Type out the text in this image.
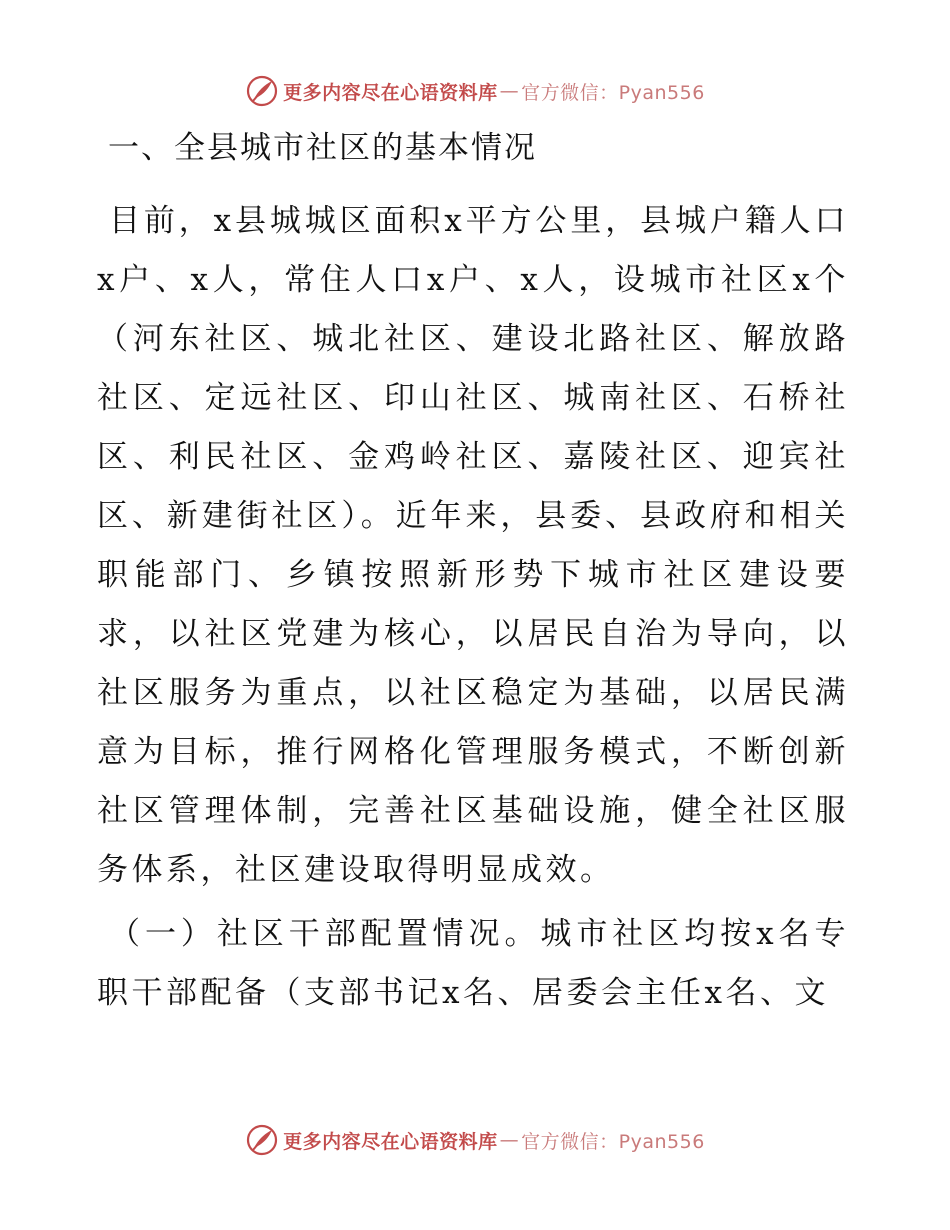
更多内容尽在心语资料库 — 官方微信：Pyan556
一、全县城市社区的基本情况

目前，x县城城区面积x平方公里，县城户籍人口x户、x人，常住人口x户、x人，设城市社区x个（河东社区、城北社区、建设北路社区、解放路社区、定远社区、印山社区、城南社区、石桥社区、利民社区、金鸡岭社区、嘉陵社区、迎宾社区、新建街社区）。近年来，县委、县政府和相关职能部门、乡镇按照新形势下城市社区建设要求，以社区党建为核心，以居民自治为导向，以社区服务为重点，以社区稳定为基础，以居民满意为目标，推行网格化管理服务模式，不断创新社区管理体制，完善社区基础设施，健全社区服务体系，社区建设取得明显成效。

（一）社区干部配置情况。城市社区均按x名专职干部配备（支部书记x名、居委会主任x名、文

更多内容尽在心语资料库 — 官方微信：Pyan556
